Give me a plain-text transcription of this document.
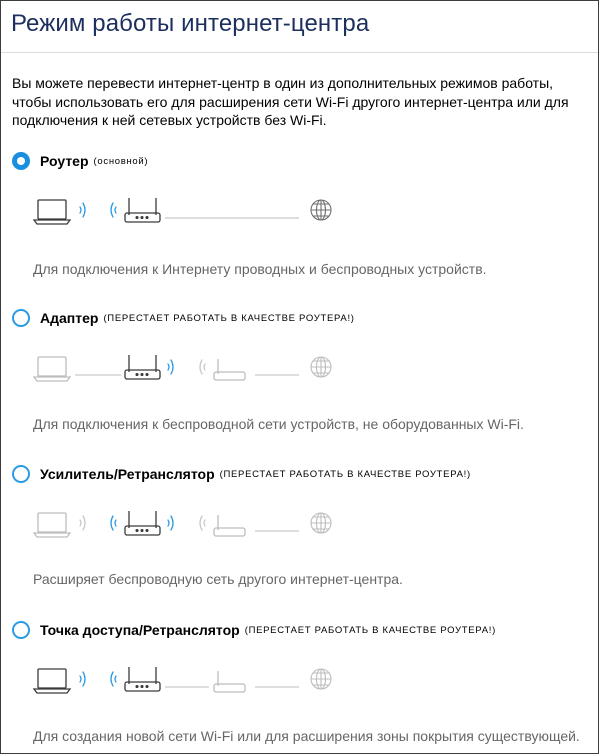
Режим работы интернет-центра

Вы можете перевести интернет-центр в один из дополнительных режимов работы, чтобы использовать его для расширения сети Wi-Fi другого интернет-центра или для подключения к ней сетевых устройств без Wi-Fi.

Роутер (основной)

Для подключения к Интернету проводных и беспроводных устройств.

Адаптер (ПЕРЕСТАЕТ РАБОТАТЬ В КАЧЕСТВЕ РОУТЕРА!)

Для подключения к беспроводной сети устройств, не оборудованных Wi-Fi.

Усилитель/Ретранслятор (ПЕРЕСТАЕТ РАБОТАТЬ В КАЧЕСТВЕ РОУТЕРА!)

Расширяет беспроводную сеть другого интернет-центра.

Точка доступа/Ретранслятор (ПЕРЕСТАЕТ РАБОТАТЬ В КАЧЕСТВЕ РОУТЕРА!)

Для создания новой сети Wi-Fi или для расширения зоны покрытия существующей.
